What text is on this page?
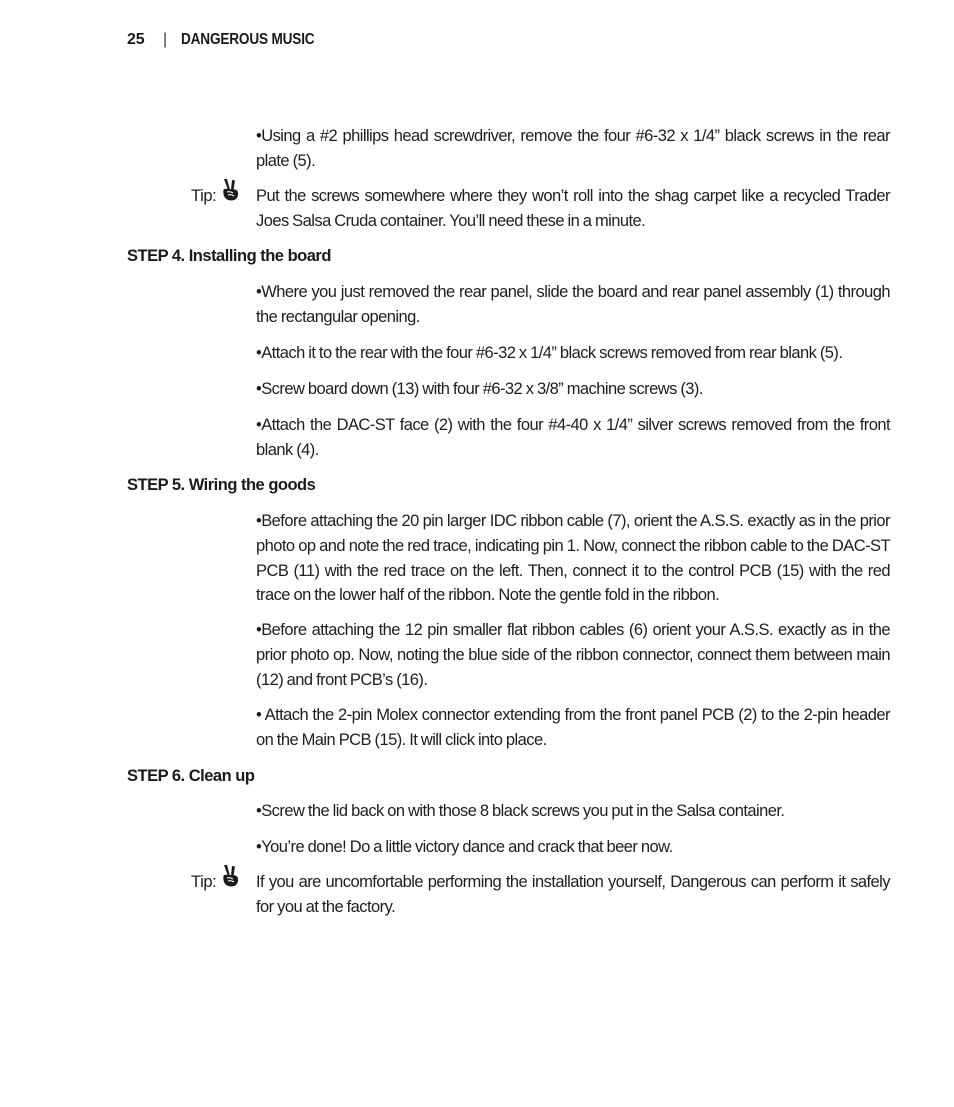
25	| DANGEROUS MUSIC
•Using a #2 phillips head screwdriver, remove the four #6-32 x 1/4” black screws in the rear plate (5).
Tip: Put the screws somewhere where they won’t roll into the shag carpet like a recycled Trader Joes Salsa Cruda container. You’ll need these in a minute.
STEP 4. Installing the board
•Where you just removed the rear panel, slide the board and rear panel assembly (1) through the rectangular opening.
•Attach it to the rear with the four #6-32 x 1/4” black screws removed from rear blank (5).
•Screw board down (13) with four #6-32 x 3/8” machine screws (3).
•Attach the DAC-ST face (2) with the four #4-40 x 1/4” silver screws removed from the front blank (4).
STEP 5. Wiring the goods
•Before attaching the 20 pin larger IDC ribbon cable (7), orient the A.S.S. exactly as in the prior photo op and note the red trace, indicating pin 1. Now, connect the ribbon cable to the DAC-ST PCB (11) with the red trace on the left. Then, connect it to the control PCB (15) with the red trace on the lower half of the ribbon. Note the gentle fold in the ribbon.
•Before attaching the 12 pin smaller flat ribbon cables (6) orient your A.S.S. exactly as in the prior photo op. Now, noting the blue side of the ribbon connector, connect them between main (12) and front PCB’s (16).
• Attach the 2-pin Molex connector extending from the front panel PCB (2) to the 2-pin header on the Main PCB (15). It will click into place.
STEP 6. Clean up
•Screw the lid back on with those 8 black screws you put in the Salsa container.
•You’re done! Do a little victory dance and crack that beer now.
Tip: If you are uncomfortable performing the installation yourself, Dangerous can perform it safely for you at the factory.
